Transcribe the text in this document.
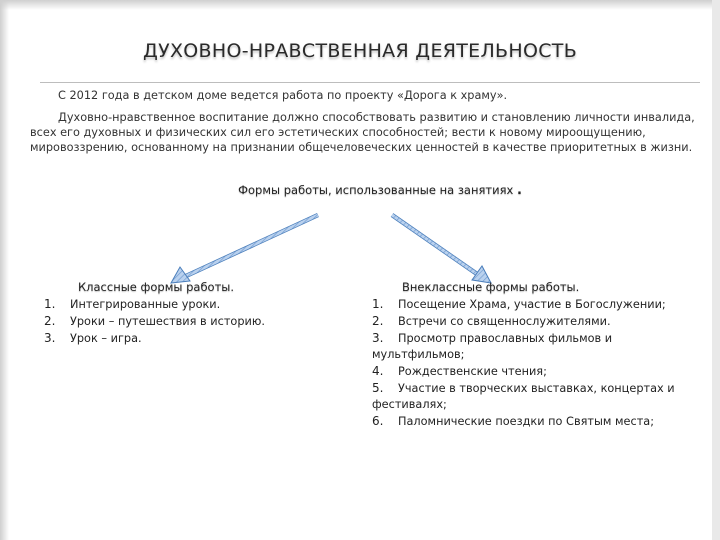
ДУХОВНО-НРАВСТВЕННАЯ ДЕЯТЕЛЬНОСТЬ
С 2012 года в детском доме ведется работа по проекту «Дорога к храму».
Духовно-нравственное воспитание должно способствовать развитию и становлению личности инвалида, всех его духовных и физических сил его эстетических способностей; вести к новому мироощущению, мировоззрению, основанному на признании общечеловеческих ценностей в качестве приоритетных в жизни.
Формы работы, использованные на занятиях .
Классные формы работы.
1. Интегрированные уроки.
2. Уроки – путешествия в историю.
3. Урок – игра.
Внеклассные формы работы.

1. Посещение Храма, участие в Богослужении;

2. Встречи со священнослужителями.

3. Просмотр православных фильмов и мультфильмов;

4. Рождественские чтения;

5. Участие в творческих выставках, концертах и фестивалях;

6. Паломнические поездки по Святым места;
